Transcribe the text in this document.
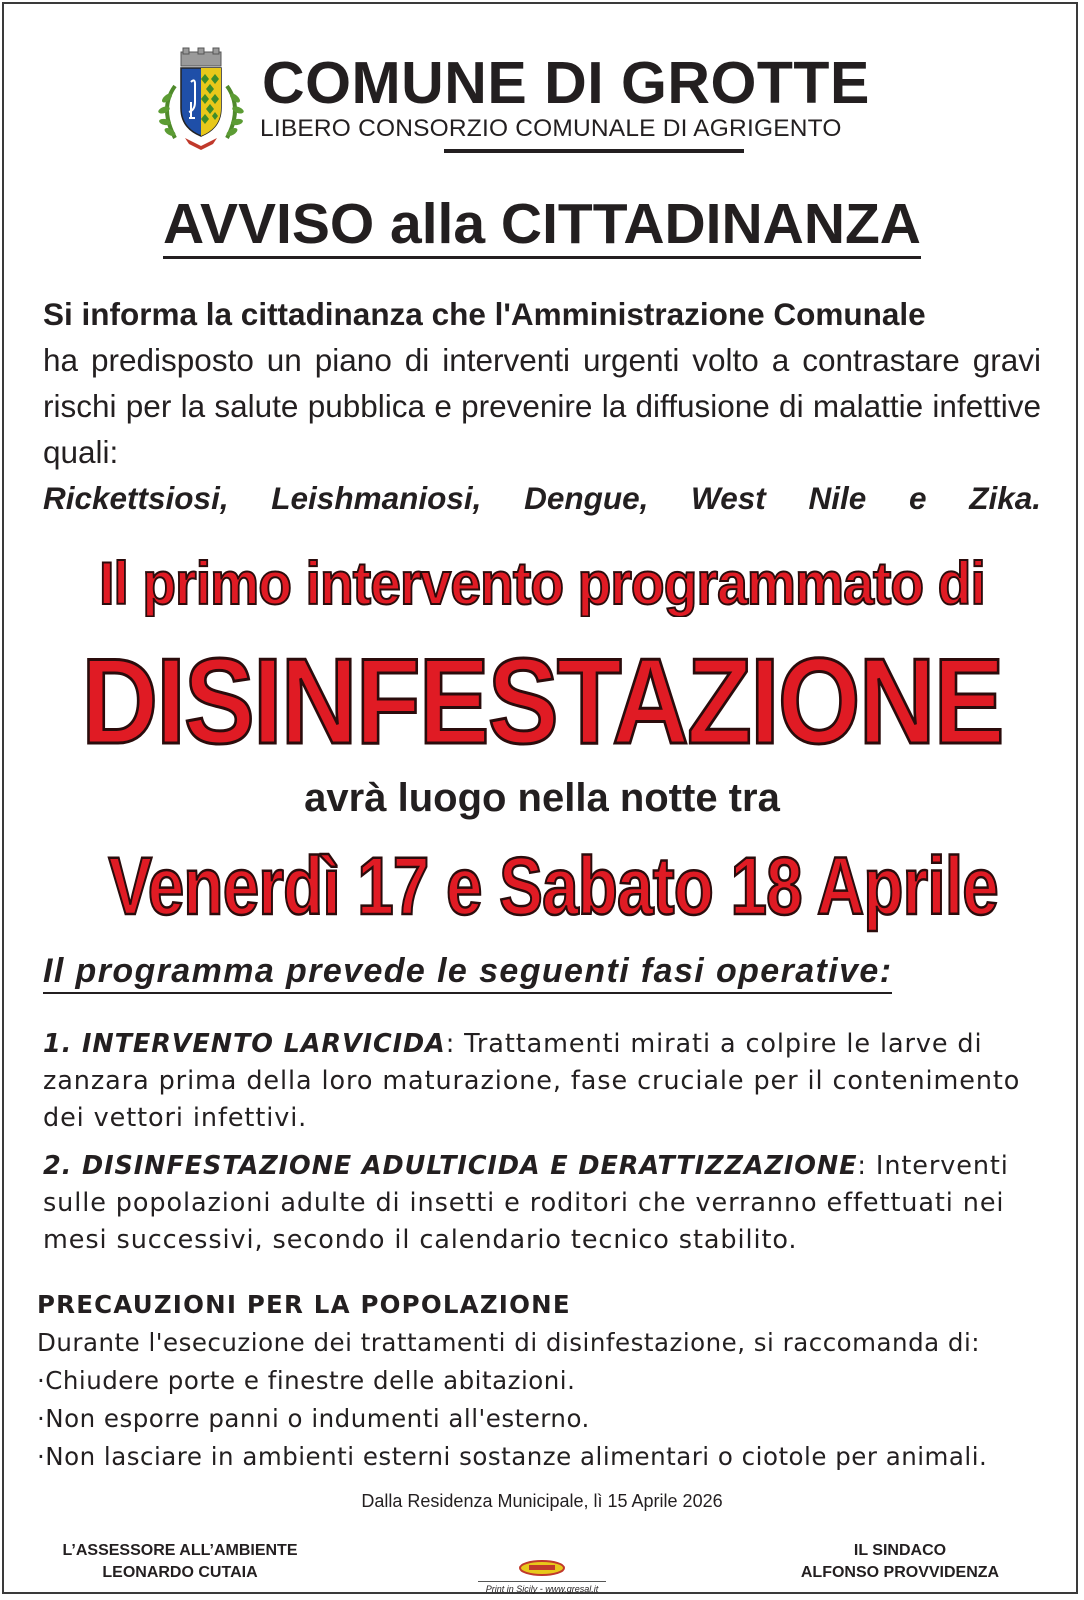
COMUNE DI GROTTE
LIBERO CONSORZIO COMUNALE DI AGRIGENTO
AVVISO alla CITTADINANZA

Si informa la cittadinanza che l'Amministrazione Comunale

ha predisposto un piano di interventi urgenti volto a contrastare gravi rischi per la salute pubblica e prevenire la diffusione di malattie infettive quali:

Rickettsiosi, Leishmaniosi, Dengue, West Nile e Zika.

Il primo intervento programmato di
DISINFESTAZIONE
avrà luogo nella notte tra
Venerdì 17 e Sabato 18 Aprile
Il programma prevede le seguenti fasi operative:
1. INTERVENTO LARVICIDA: Trattamenti mirati a colpire le larve di zanzara prima della loro maturazione, fase cruciale per il contenimento dei vettori infettivi.
2. DISINFESTAZIONE ADULTICIDA E DERATTIZZAZIONE: Interventi sulle popolazioni adulte di insetti e roditori che verranno effettuati nei mesi successivi, secondo il calendario tecnico stabilito.
PRECAUZIONI PER LA POPOLAZIONE
Durante l'esecuzione dei trattamenti di disinfestazione, si raccomanda di:
·Chiudere porte e finestre delle abitazioni.
·Non esporre panni o indumenti all'esterno.
·Non lasciare in ambienti esterni sostanze alimentari o ciotole per animali.
Dalla Residenza Municipale, lì 15 Aprile 2026
L’ASSESSORE ALL’AMBIENTE
LEONARDO CUTAIA
IL SINDACO
ALFONSO PROVVIDENZA
Print in Sicily - www.gresal.it
